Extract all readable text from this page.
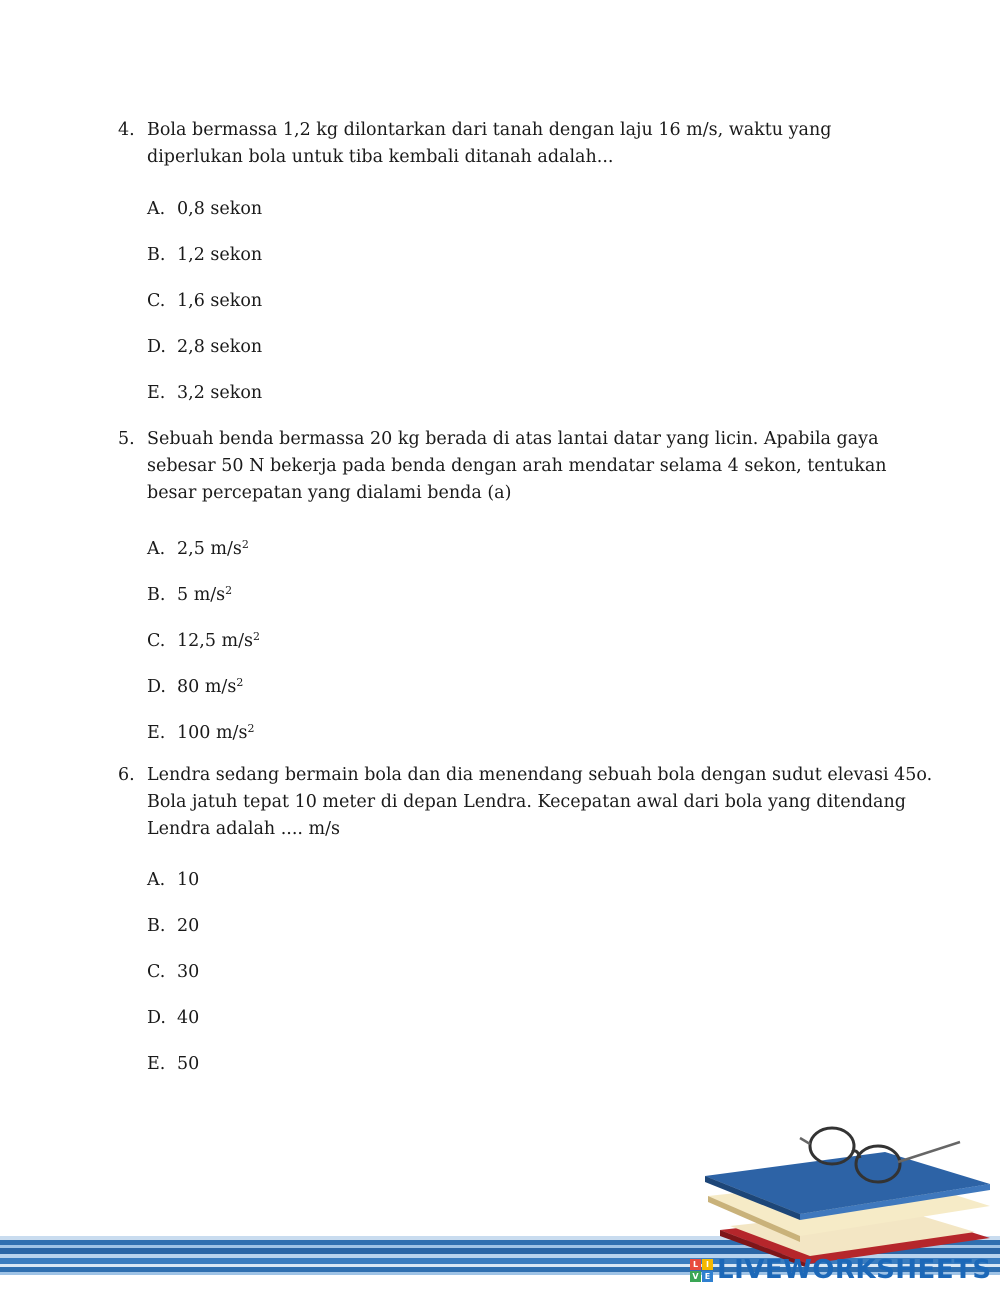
4. Bola bermassa 1,2 kg dilontarkan dari tanah dengan laju 16 m/s, waktu yang
diperlukan bola untuk tiba kembali ditanah adalah...
A. 0,8 sekon
B. 1,2 sekon
C. 1,6 sekon
D. 2,8 sekon
E. 3,2 sekon
5. Sebuah benda bermassa 20 kg berada di atas lantai datar yang licin. Apabila gaya
sebesar 50 N bekerja pada benda dengan arah mendatar selama 4 sekon, tentukan
besar percepatan yang dialami benda (a)
A. 2,5 $m/s^2$
B. 5 $m/s^2$
C. 12,5 $m/s^2$
D. 80 $m/s^2$
E. 100 $m/s^2$
6. Lendra sedang bermain bola dan dia menendang sebuah bola dengan sudut elevasi 45o.
Bola jatuh tepat 10 meter di depan Lendra. Kecepatan awal dari bola yang ditendang
Lendra adalah .... m/s
A. 10
B. 20
C. 30
D. 40
E. 50
L I
V E LIVEWORKSHEETS
